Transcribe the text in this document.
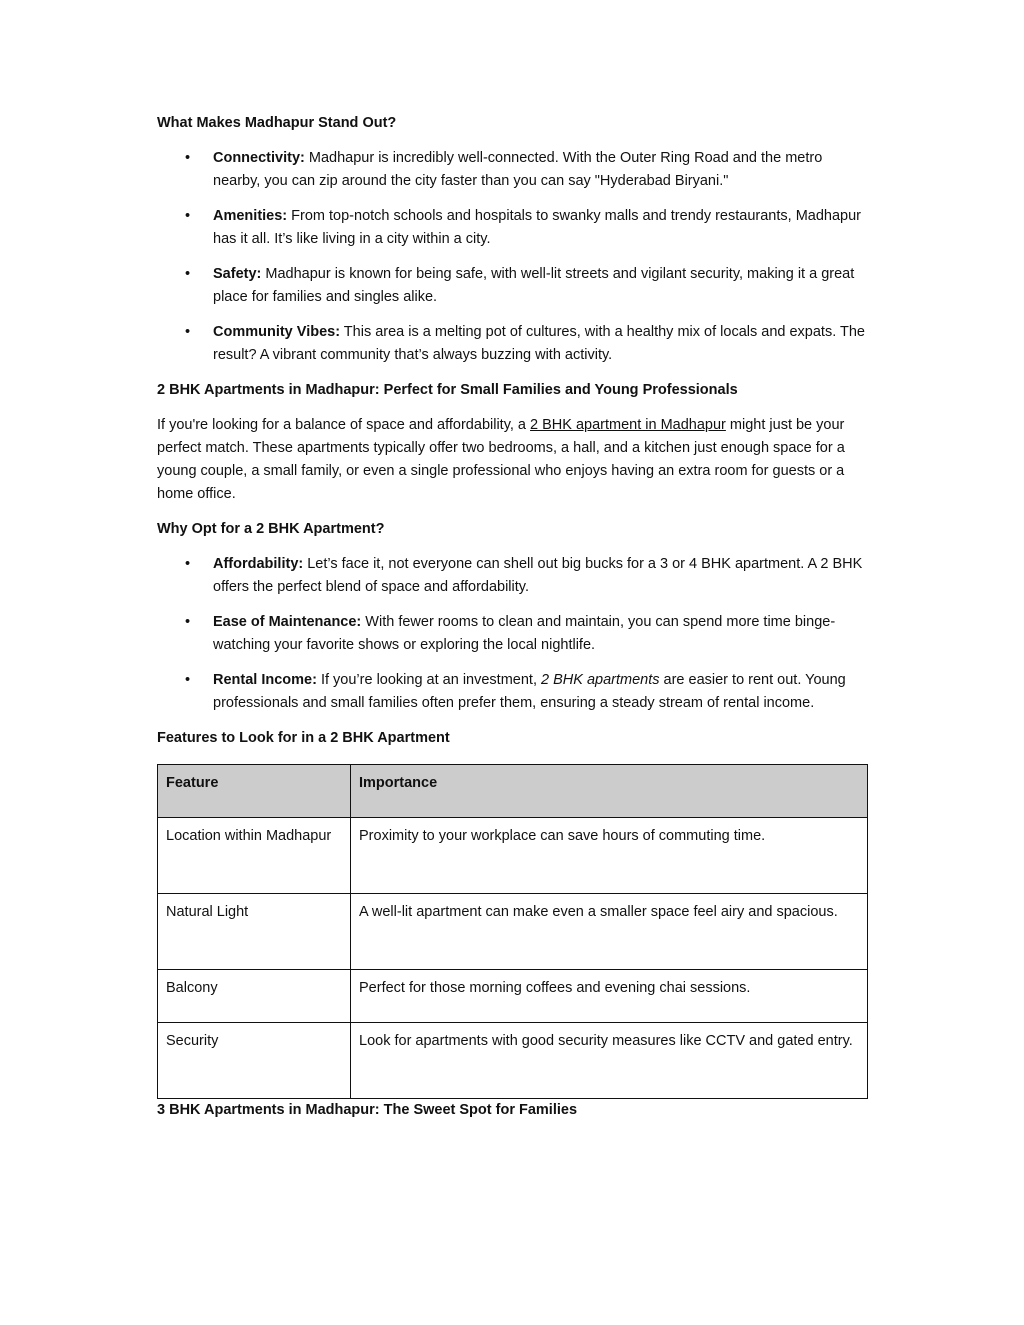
What Makes Madhapur Stand Out?

• Connectivity: Madhapur is incredibly well-connected. With the Outer Ring Road and the metro nearby, you can zip around the city faster than you can say "Hyderabad Biryani."
• Amenities: From top-notch schools and hospitals to swanky malls and trendy restaurants, Madhapur has it all. It’s like living in a city within a city.
• Safety: Madhapur is known for being safe, with well-lit streets and vigilant security, making it a great place for families and singles alike.
• Community Vibes: This area is a melting pot of cultures, with a healthy mix of locals and expats. The result? A vibrant community that’s always buzzing with activity.

2 BHK Apartments in Madhapur: Perfect for Small Families and Young Professionals

If you're looking for a balance of space and affordability, a 2 BHK apartment in Madhapur might just be your perfect match. These apartments typically offer two bedrooms, a hall, and a kitchen just enough space for a young couple, a small family, or even a single professional who enjoys having an extra room for guests or a home office.

Why Opt for a 2 BHK Apartment?

• Affordability: Let’s face it, not everyone can shell out big bucks for a 3 or 4 BHK apartment. A 2 BHK offers the perfect blend of space and affordability.
• Ease of Maintenance: With fewer rooms to clean and maintain, you can spend more time binge-watching your favorite shows or exploring the local nightlife.
• Rental Income: If you’re looking at an investment, 2 BHK apartments are easier to rent out. Young professionals and small families often prefer them, ensuring a steady stream of rental income.

Features to Look for in a 2 BHK Apartment

Feature	Importance
Location within Madhapur	Proximity to your workplace can save hours of commuting time.
Natural Light	A well-lit apartment can make even a smaller space feel airy and spacious.
Balcony	Perfect for those morning coffees and evening chai sessions.
Security	Look for apartments with good security measures like CCTV and gated entry.

3 BHK Apartments in Madhapur: The Sweet Spot for Families
